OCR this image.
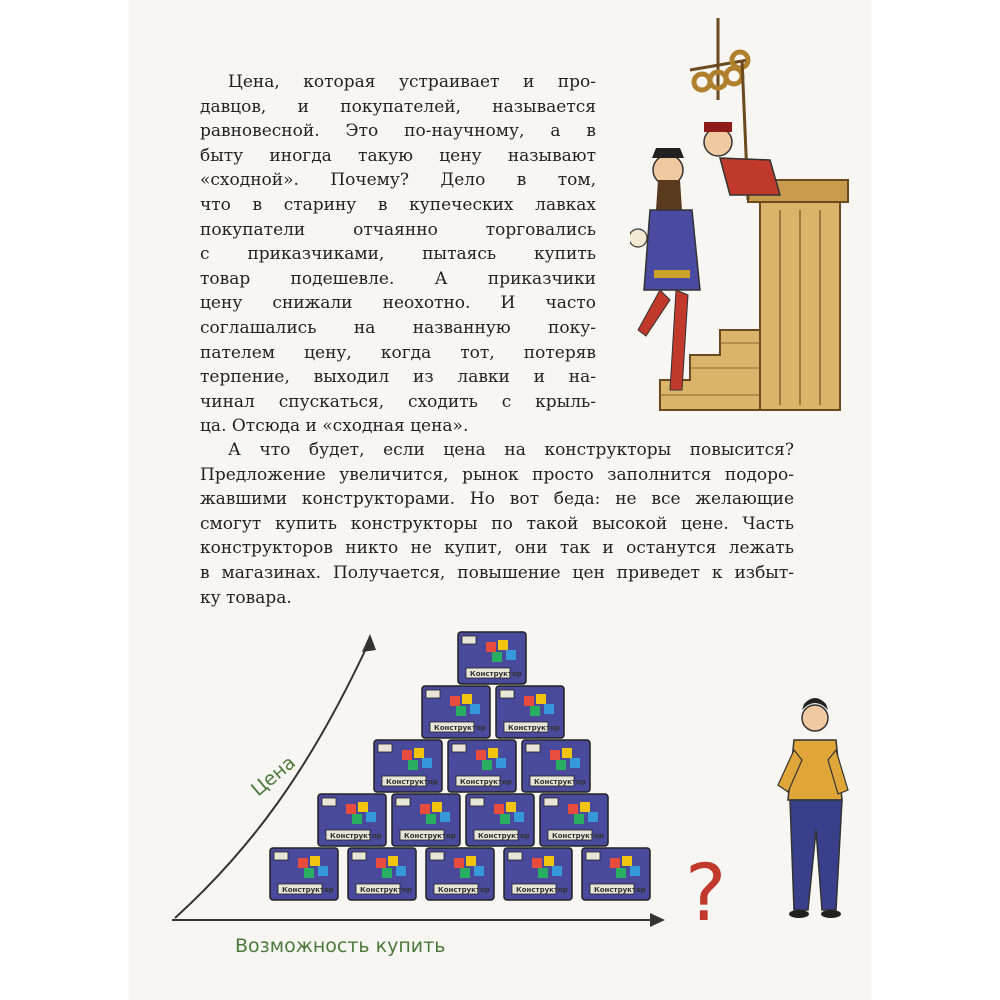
Цена, которая устраивает и про-
давцов, и покупателей, называется
равновесной. Это по-научному, а в
быту иногда такую цену называют
«сходной». Почему? Дело в том,
что в старину в купеческих лавках
покупатели отчаянно торговались
с приказчиками, пытаясь купить
товар подешевле. А приказчики
цену снижали неохотно. И часто
соглашались на названную поку-
пателем цену, когда тот, потеряв
терпение, выходил из лавки и на-
чинал спускаться, сходить с крыль-
ца. Отсюда и «сходная цена».
А что будет, если цена на конструкторы повысится?
Предложение увеличится, рынок просто заполнится подоро-
жавшими конструкторами. Но вот беда: не все желающие
смогут купить конструкторы по такой высокой цене. Часть
конструкторов никто не купит, они так и останутся лежать
в магазинах. Получается, повышение цен приведет к избыт-
ку товара.
Цена
Возможность купить
Конструктор	Конструктор	Конструктор	Конструктор	Конструктор
Конструктор	Конструктор	Конструктор	Конструктор
Конструктор	Конструктор	Конструктор
Конструктор	Конструктор
Конструктор
?
